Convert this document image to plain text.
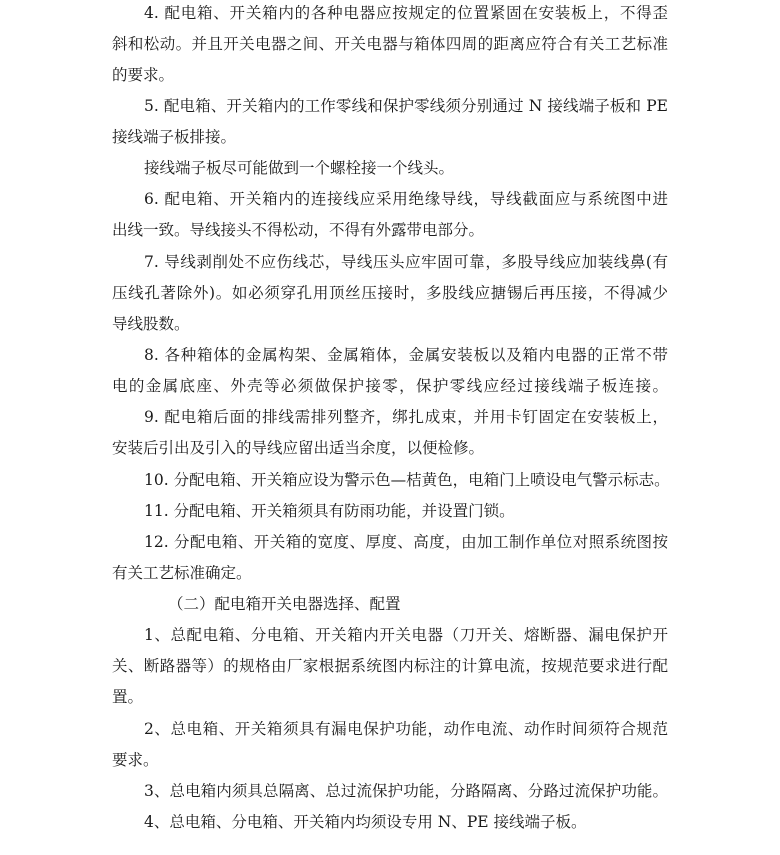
4. 配电箱、开关箱内的各种电器应按规定的位置紧固在安装板上，不得歪
斜和松动。并且开关电器之间、开关电器与箱体四周的距离应符合有关工艺标准
的要求。
5. 配电箱、开关箱内的工作零线和保护零线须分别通过 N 接线端子板和 PE
接线端子板排接。
接线端子板尽可能做到一个螺栓接一个线头。
6. 配电箱、开关箱内的连接线应采用绝缘导线，导线截面应与系统图中进
出线一致。导线接头不得松动，不得有外露带电部分。
7. 导线剥削处不应伤线芯，导线压头应牢固可靠，多股导线应加装线鼻(有
压线孔著除外)。如必须穿孔用顶丝压接时，多股线应搪锡后再压接，不得减少
导线股数。
8. 各种箱体的金属构架、金属箱体，金属安装板以及箱内电器的正常不带
电的金属底座、外壳等必须做保护接零，保护零线应经过接线端子板连接。
9. 配电箱后面的排线需排列整齐，绑扎成束，并用卡钉固定在安装板上，
安装后引出及引入的导线应留出适当余度，以便检修。
10. 分配电箱、开关箱应设为警示色—桔黄色，电箱门上喷设电气警示标志。
11. 分配电箱、开关箱须具有防雨功能，并设置门锁。
12. 分配电箱、开关箱的宽度、厚度、高度，由加工制作单位对照系统图按
有关工艺标准确定。
（二）配电箱开关电器选择、配置
1、总配电箱、分电箱、开关箱内开关电器（刀开关、熔断器、漏电保护开
关、断路器等）的规格由厂家根据系统图内标注的计算电流，按规范要求进行配
置。
2、总电箱、开关箱须具有漏电保护功能，动作电流、动作时间须符合规范
要求。
3、总电箱内须具总隔离、总过流保护功能，分路隔离、分路过流保护功能。
4、总电箱、分电箱、开关箱内均须设专用 N、PE 接线端子板。
